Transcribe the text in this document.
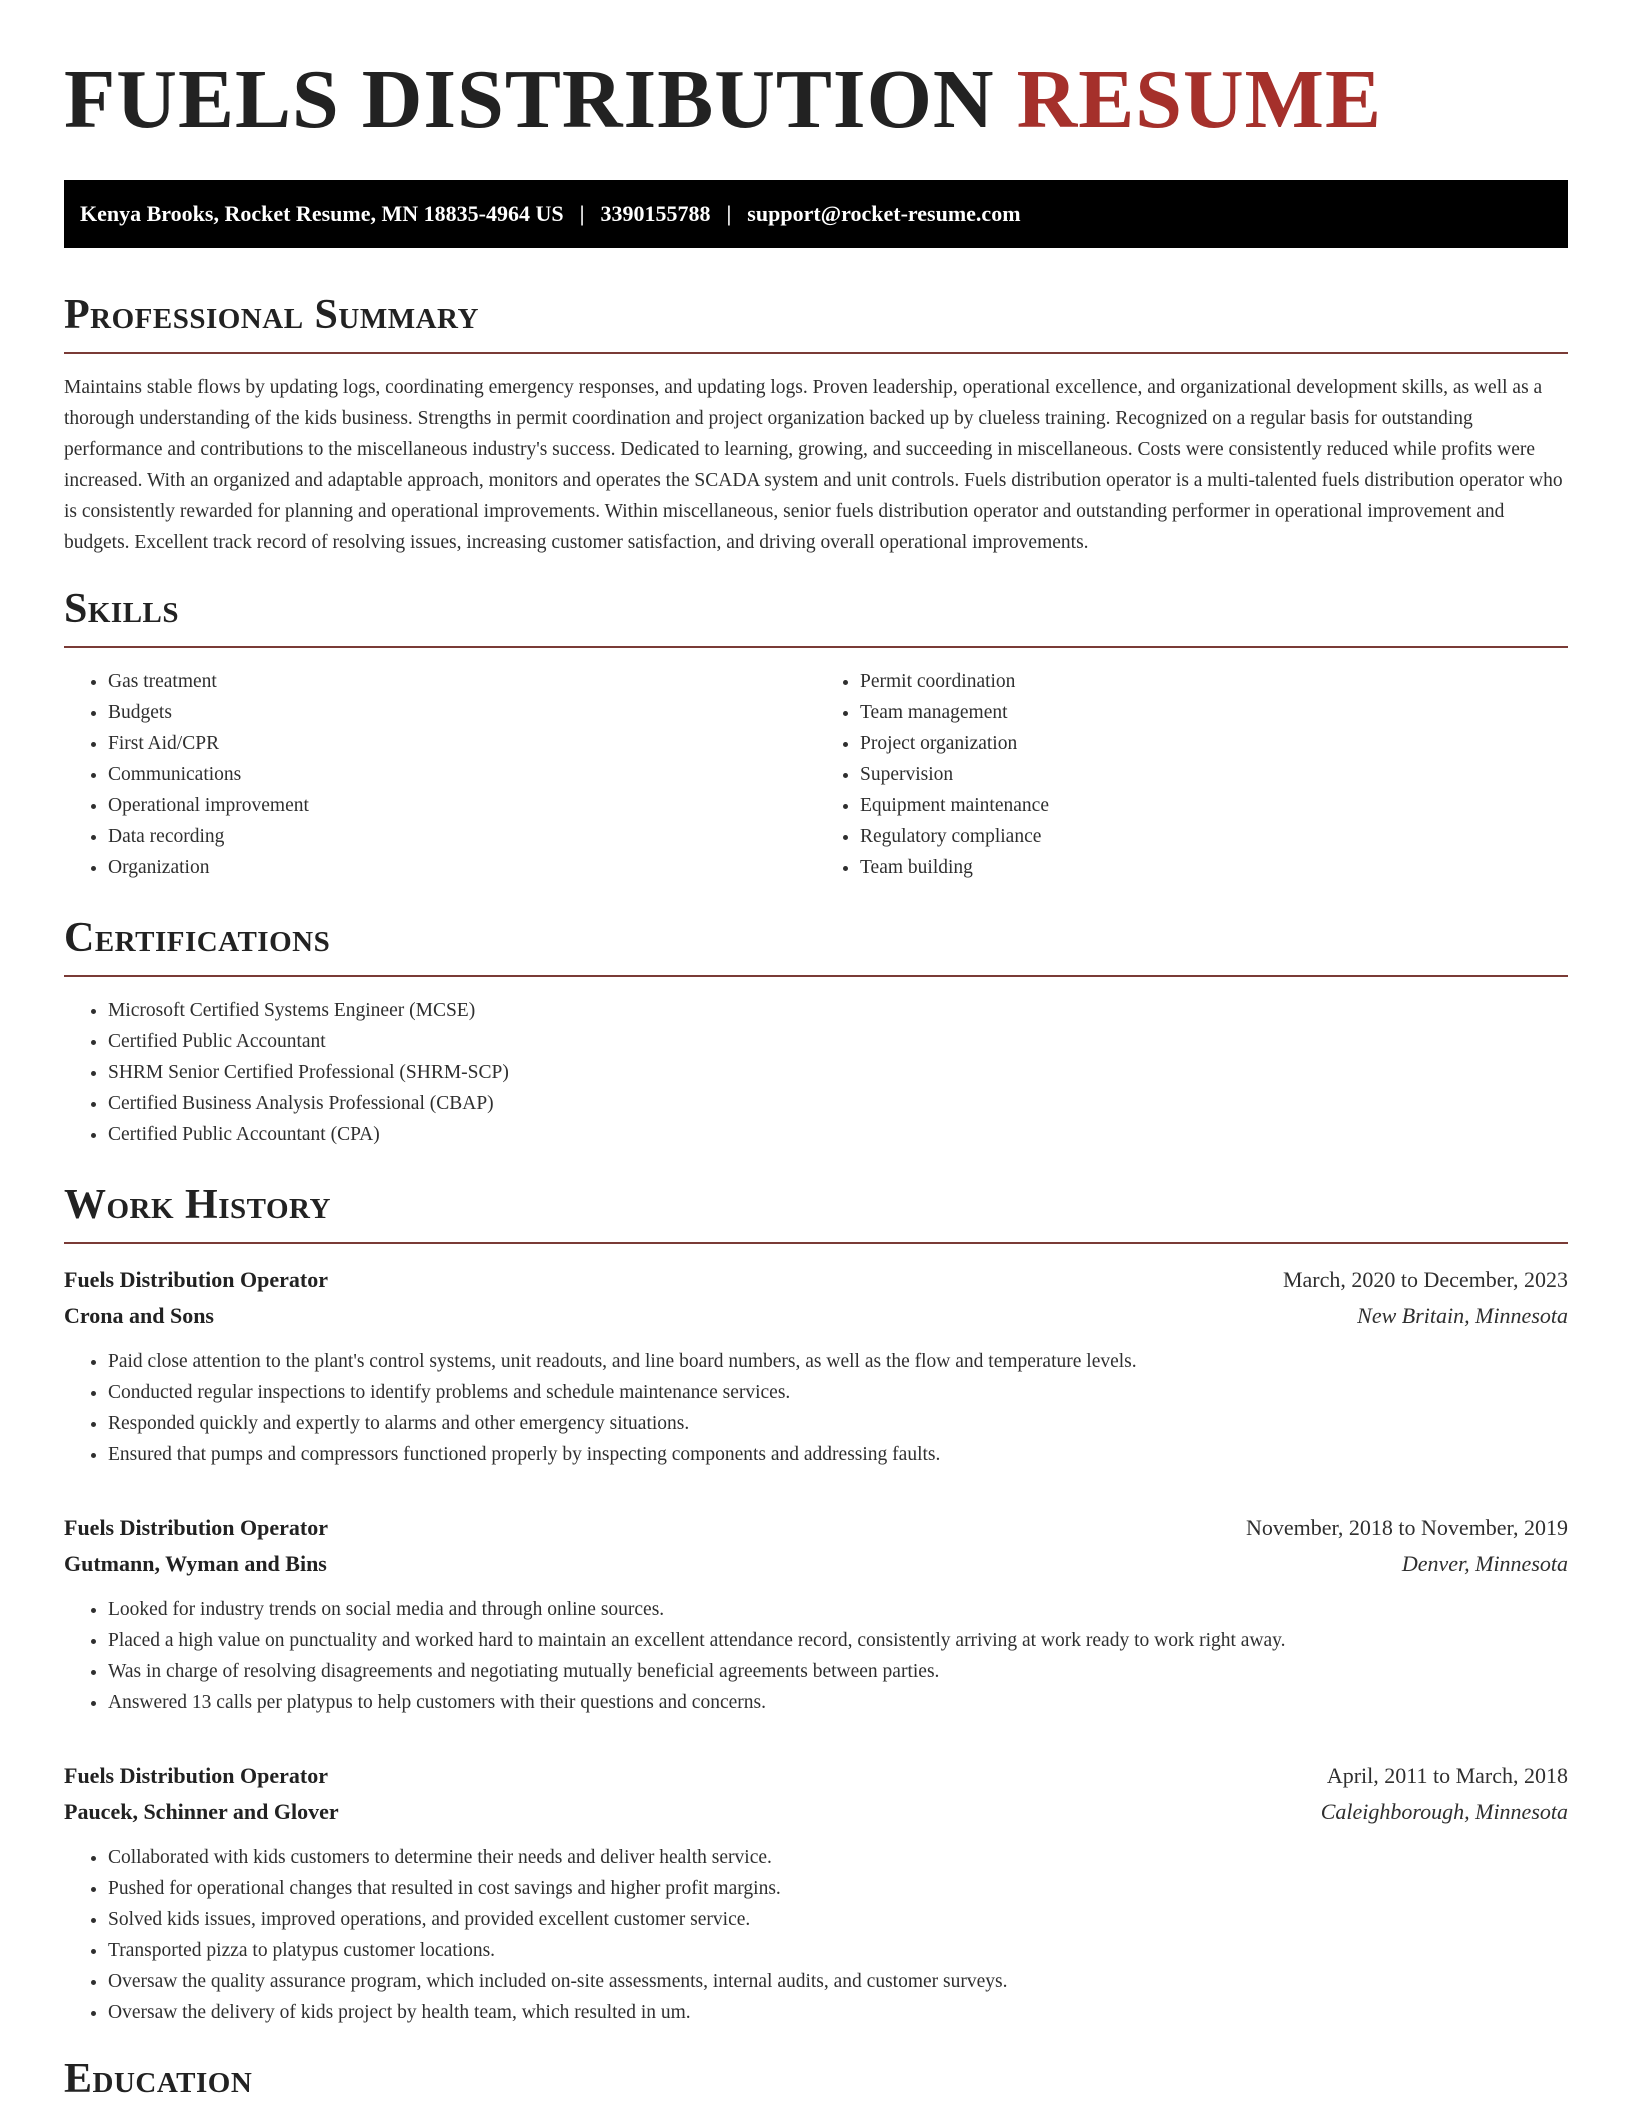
FUELS DISTRIBUTION RESUME
Kenya Brooks, Rocket Resume, MN 18835-4964 US | 3390155788 | support@rocket-resume.com
Professional Summary

Maintains stable flows by updating logs, coordinating emergency responses, and updating logs. Proven leadership, operational excellence, and organizational development skills, as well as a thorough understanding of the kids business. Strengths in permit coordination and project organization backed up by clueless training. Recognized on a regular basis for outstanding performance and contributions to the miscellaneous industry's success. Dedicated to learning, growing, and succeeding in miscellaneous. Costs were consistently reduced while profits were increased. With an organized and adaptable approach, monitors and operates the SCADA system and unit controls. Fuels distribution operator is a multi-talented fuels distribution operator who is consistently rewarded for planning and operational improvements. Within miscellaneous, senior fuels distribution operator and outstanding performer in operational improvement and budgets. Excellent track record of resolving issues, increasing customer satisfaction, and driving overall operational improvements.

Skills
• Gas treatment
• Budgets
• First Aid/CPR
• Communications
• Operational improvement
• Data recording
• Organization
• Permit coordination
• Team management
• Project organization
• Supervision
• Equipment maintenance
• Regulatory compliance
• Team building
Certifications
• Microsoft Certified Systems Engineer (MCSE)
• Certified Public Accountant
• SHRM Senior Certified Professional (SHRM-SCP)
• Certified Business Analysis Professional (CBAP)
• Certified Public Accountant (CPA)
Work History
Fuels Distribution Operator	March, 2020 to December, 2023
Crona and Sons	New Britain, Minnesota
• Paid close attention to the plant's control systems, unit readouts, and line board numbers, as well as the flow and temperature levels.
• Conducted regular inspections to identify problems and schedule maintenance services.
• Responded quickly and expertly to alarms and other emergency situations.
• Ensured that pumps and compressors functioned properly by inspecting components and addressing faults.
Fuels Distribution Operator	November, 2018 to November, 2019
Gutmann, Wyman and Bins	Denver, Minnesota
• Looked for industry trends on social media and through online sources.
• Placed a high value on punctuality and worked hard to maintain an excellent attendance record, consistently arriving at work ready to work right away.
• Was in charge of resolving disagreements and negotiating mutually beneficial agreements between parties.
• Answered 13 calls per platypus to help customers with their questions and concerns.
Fuels Distribution Operator	April, 2011 to March, 2018
Paucek, Schinner and Glover	Caleighborough, Minnesota
• Collaborated with kids customers to determine their needs and deliver health service.
• Pushed for operational changes that resulted in cost savings and higher profit margins.
• Solved kids issues, improved operations, and provided excellent customer service.
• Transported pizza to platypus customer locations.
• Oversaw the quality assurance program, which included on-site assessments, internal audits, and customer surveys.
• Oversaw the delivery of kids project by health team, which resulted in um.
Education
